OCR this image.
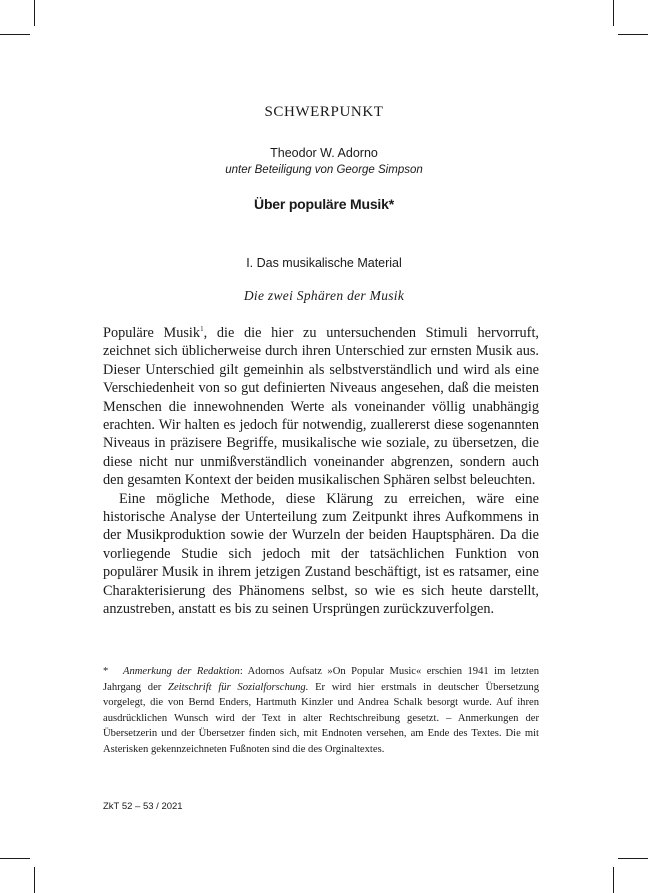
SCHWERPUNKT
Theodor W. Adorno
unter Beteiligung von George Simpson
Über populäre Musik*
I. Das musikalische Material
Die zwei Sphären der Musik

Populäre Musik$^1$, die die hier zu untersuchenden Stimuli hervorruft, zeichnet sich üblicherweise durch ihren Unterschied zur ernsten Musik aus. Dieser Unterschied gilt gemeinhin als selbstverständlich und wird als eine Verschiedenheit von so gut definierten Niveaus angesehen, daß die meisten Menschen die innewohnenden Werte als voneinander völlig unabhängig erachten. Wir halten es jedoch für notwendig, zuallererst diese sogenannten Niveaus in präzisere Begriffe, musikalische wie soziale, zu übersetzen, die diese nicht nur unmißverständlich voneinander abgrenzen, sondern auch den gesamten Kontext der beiden musikalischen Sphären selbst beleuchten.

Eine mögliche Methode, diese Klärung zu erreichen, wäre eine historische Analyse der Unterteilung zum Zeitpunkt ihres Aufkommens in der Musikproduktion sowie der Wurzeln der beiden Hauptsphären. Da die vorliegende Studie sich jedoch mit der tatsächlichen Funktion von populärer Musik in ihrem jetzigen Zustand beschäftigt, ist es ratsamer, eine Charakterisierung des Phänomens selbst, so wie es sich heute darstellt, anzustreben, anstatt es bis zu seinen Ursprüngen zurückzuverfolgen.

* Anmerkung der Redaktion: Adornos Aufsatz »On Popular Music« erschien 1941 im letzten Jahrgang der Zeitschrift für Sozialforschung. Er wird hier erstmals in deutscher Übersetzung vorgelegt, die von Bernd Enders, Hartmuth Kinzler und Andrea Schalk besorgt wurde. Auf ihren ausdrücklichen Wunsch wird der Text in alter Rechtschreibung gesetzt. – Anmerkungen der Übersetzerin und der Übersetzer finden sich, mit Endnoten versehen, am Ende des Textes. Die mit Asterisken gekennzeichneten Fußnoten sind die des Orginaltextes.
ZkT 52 – 53 / 2021
